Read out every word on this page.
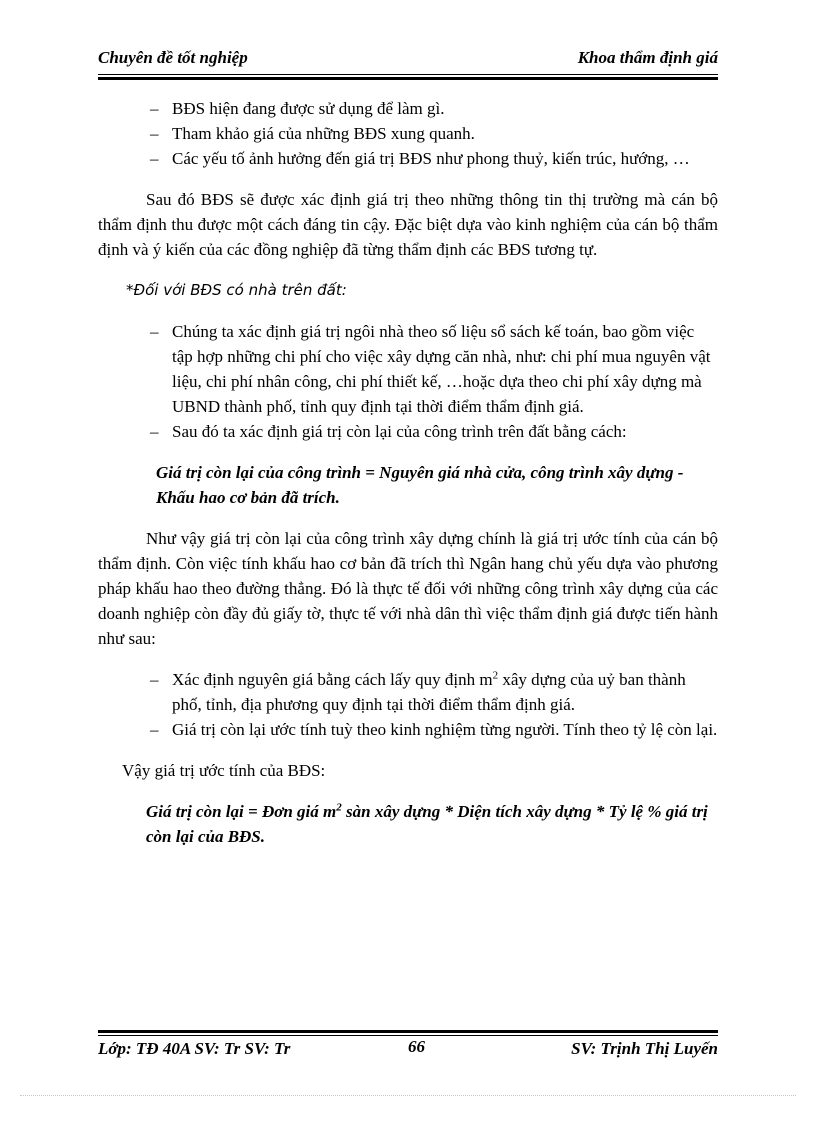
Chuyên đề tốt nghiệp	Khoa thẩm định giá
– BĐS hiện đang được sử dụng để làm gì.
– Tham khảo giá của những BĐS xung quanh.
– Các yếu tố ảnh hưởng đến giá trị BĐS như phong thuỷ, kiến trúc, hướng, …

Sau đó BĐS sẽ được xác định giá trị theo những thông tin thị trường mà cán bộ thẩm định thu được một cách đáng tin cậy. Đặc biệt dựa vào kinh nghiệm của cán bộ thẩm định và ý kiến của các đồng nghiệp đã từng thẩm định các BĐS tương tự.

*Đối với BĐS có nhà trên đất:

– Chúng ta xác định giá trị ngôi nhà theo số liệu sổ sách kế toán, bao gồm việc tập hợp những chi phí cho việc xây dựng căn nhà, như: chi phí mua nguyên vật liệu, chi phí nhân công, chi phí thiết kế, …hoặc dựa theo chi phí xây dựng mà UBND thành phố, tỉnh quy định tại thời điểm thẩm định giá.
– Sau đó ta xác định giá trị còn lại của công trình trên đất bằng cách:

Giá trị còn lại của công trình = Nguyên giá nhà cửa, công trình xây dựng - Khấu hao cơ bản đã trích.

Như vậy giá trị còn lại của công trình xây dựng chính là giá trị ước tính của cán bộ thẩm định. Còn việc tính khấu hao cơ bản đã trích thì Ngân hang chủ yếu dựa vào phương pháp khấu hao theo đường thẳng. Đó là thực tế đối với những công trình xây dựng của các doanh nghiệp còn đầy đủ giấy tờ, thực tế với nhà dân thì việc thẩm định giá được tiến hành như sau:

– Xác định nguyên giá bằng cách lấy quy định $m^2$ xây dựng của uỷ ban thành phố, tỉnh, địa phương quy định tại thời điểm thẩm định giá.
– Giá trị còn lại ước tính tuỳ theo kinh nghiệm từng người. Tính theo tỷ lệ còn lại.

Vậy giá trị ước tính của BĐS:

Giá trị còn lại = Đơn giá $m^2$ sàn xây dựng * Diện tích xây dựng * Tỷ lệ % giá trị còn lại của BĐS.

Lớp: TĐ 40A SV: Tr SV: Tr	66	SV: Trịnh Thị Luyến
